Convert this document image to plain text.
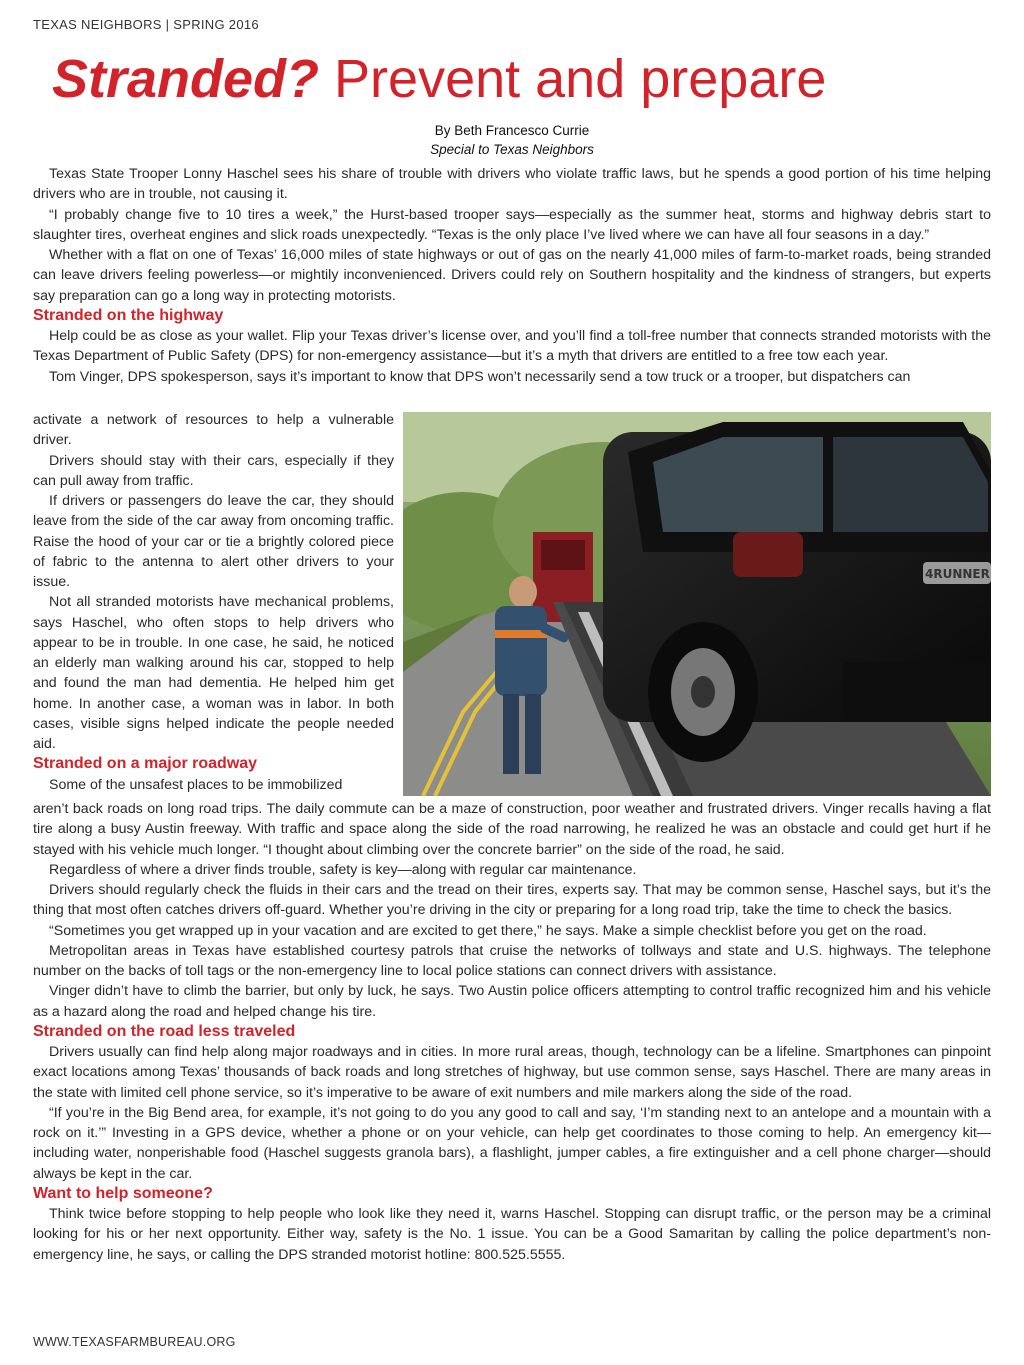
TEXAS NEIGHBORS | SPRING 2016
Stranded? Prevent and prepare
By Beth Francesco Currie
Special to Texas Neighbors

Texas State Trooper Lonny Haschel sees his share of trouble with drivers who violate traffic laws, but he spends a good portion of his time helping drivers who are in trouble, not causing it.

“I probably change five to 10 tires a week,” the Hurst-based trooper says—especially as the summer heat, storms and highway debris start to slaughter tires, overheat engines and slick roads unexpectedly. “Texas is the only place I’ve lived where we can have all four seasons in a day.”

Whether with a flat on one of Texas’ 16,000 miles of state highways or out of gas on the nearly 41,000 miles of farm-to-market roads, being stranded can leave drivers feeling powerless—or mightily inconvenienced. Drivers could rely on Southern hospitality and the kindness of strangers, but experts say preparation can go a long way in protecting motorists.

Stranded on the highway

Help could be as close as your wallet. Flip your Texas driver’s license over, and you’ll find a toll-free number that connects stranded motorists with the Texas Department of Public Safety (DPS) for non-emergency assistance—but it’s a myth that drivers are entitled to a free tow each year.

Tom Vinger, DPS spokesperson, says it’s important to know that DPS won’t necessarily send a tow truck or a trooper, but dispatchers can

activate a network of resources to help a vulnerable driver.

Drivers should stay with their cars, especially if they can pull away from traffic.

If drivers or passengers do leave the car, they should leave from the side of the car away from oncoming traffic. Raise the hood of your car or tie a brightly colored piece of fabric to the antenna to alert other drivers to your issue.

Not all stranded motorists have mechanical problems, says Haschel, who often stops to help drivers who appear to be in trouble. In one case, he said, he noticed an elderly man walking around his car, stopped to help and found the man had dementia. He helped him get home. In another case, a woman was in labor. In both cases, visible signs helped indicate the people needed aid.

Stranded on a major roadway

Some of the unsafest places to be immobilized

4RUNNER

aren’t back roads on long road trips. The daily commute can be a maze of construction, poor weather and frustrated drivers. Vinger recalls having a flat tire along a busy Austin freeway. With traffic and space along the side of the road narrowing, he realized he was an obstacle and could get hurt if he stayed with his vehicle much longer. “I thought about climbing over the concrete barrier” on the side of the road, he said.

Regardless of where a driver finds trouble, safety is key—along with regular car maintenance.

Drivers should regularly check the fluids in their cars and the tread on their tires, experts say. That may be common sense, Haschel says, but it’s the thing that most often catches drivers off-guard. Whether you’re driving in the city or preparing for a long road trip, take the time to check the basics.

“Sometimes you get wrapped up in your vacation and are excited to get there,” he says. Make a simple checklist before you get on the road.

Metropolitan areas in Texas have established courtesy patrols that cruise the networks of tollways and state and U.S. highways. The telephone number on the backs of toll tags or the non-emergency line to local police stations can connect drivers with assistance.

Vinger didn’t have to climb the barrier, but only by luck, he says. Two Austin police officers attempting to control traffic recognized him and his vehicle as a hazard along the road and helped change his tire.

Stranded on the road less traveled

Drivers usually can find help along major roadways and in cities. In more rural areas, though, technology can be a lifeline. Smartphones can pinpoint exact locations among Texas’ thousands of back roads and long stretches of highway, but use common sense, says Haschel. There are many areas in the state with limited cell phone service, so it’s imperative to be aware of exit numbers and mile markers along the side of the road.

“If you’re in the Big Bend area, for example, it’s not going to do you any good to call and say, ‘I’m standing next to an antelope and a mountain with a rock on it.’” Investing in a GPS device, whether a phone or on your vehicle, can help get coordinates to those coming to help. An emergency kit—including water, nonperishable food (Haschel suggests granola bars), a flashlight, jumper cables, a fire extinguisher and a cell phone charger—should always be kept in the car.

Want to help someone?

Think twice before stopping to help people who look like they need it, warns Haschel. Stopping can disrupt traffic, or the person may be a criminal looking for his or her next opportunity. Either way, safety is the No. 1 issue. You can be a Good Samaritan by calling the police department’s non-emergency line, he says, or calling the DPS stranded motorist hotline: 800.525.5555.

WWW.TEXASFARMBUREAU.ORG
